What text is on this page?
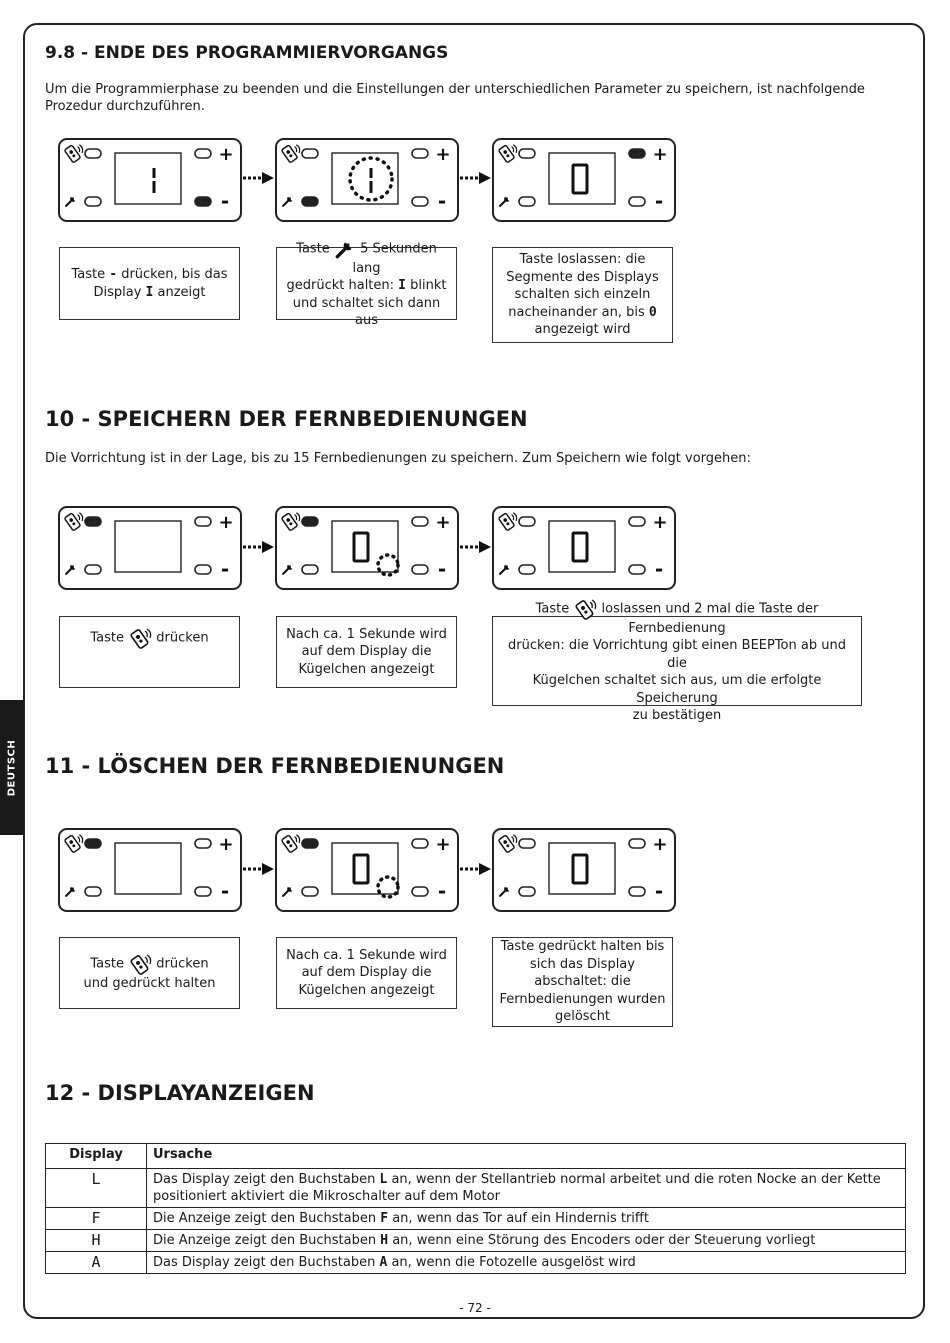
DEUTSCH
9.8 - ENDE DES PROGRAMMIERVORGANGS
Um die Programmierphase zu beenden und die Einstellungen der unterschiedlichen Parameter zu speichern, ist nachfolgende Prozedur durchzuführen.
+
-
+
-
+
-
Taste - drücken, bis das
Display I anzeigt
Taste 5 Sekunden lang
gedrückt halten: I blinkt
und schaltet sich dann aus
Taste loslassen: die
Segmente des Displays
schalten sich einzeln
nacheinander an, bis 0
angezeigt wird
10 - SPEICHERN DER FERNBEDIENUNGEN
Die Vorrichtung ist in der Lage, bis zu 15 Fernbedienungen zu speichern. Zum Speichern wie folgt vorgehen:
+
-
+
-
+
-
Taste drücken	Nach ca. 1 Sekunde wird auf dem Display die Kügelchen angezeigt
Taste loslassen und 2 mal die Taste der Fernbedienung
drücken: die Vorrichtung gibt einen BEEPTon ab und die
Kügelchen schaltet sich aus, um die erfolgte Speicherung
zu bestätigen
11 - LÖSCHEN DER FERNBEDIENUNGEN
+
-
+
-
+
-
Taste drücken
und gedrückt halten
Nach ca. 1 Sekunde wird auf dem Display die Kügelchen angezeigt
Taste gedrückt halten bis sich das Display abschaltet: die Fernbedienungen wurden gelöscht
12 - DISPLAYANZEIGEN
Display	Ursache
L	Das Display zeigt den Buchstaben L an, wenn der Stellantrieb normal arbeitet und die roten Nocke an der Kette positioniert aktiviert die Mikroschalter auf dem Motor
F	Die Anzeige zeigt den Buchstaben F an, wenn das Tor auf ein Hindernis trifft
H	Die Anzeige zeigt den Buchstaben H an, wenn eine Störung des Encoders oder der Steuerung vorliegt
A	Das Display zeigt den Buchstaben A an, wenn die Fotozelle ausgelöst wird
- 72 -
